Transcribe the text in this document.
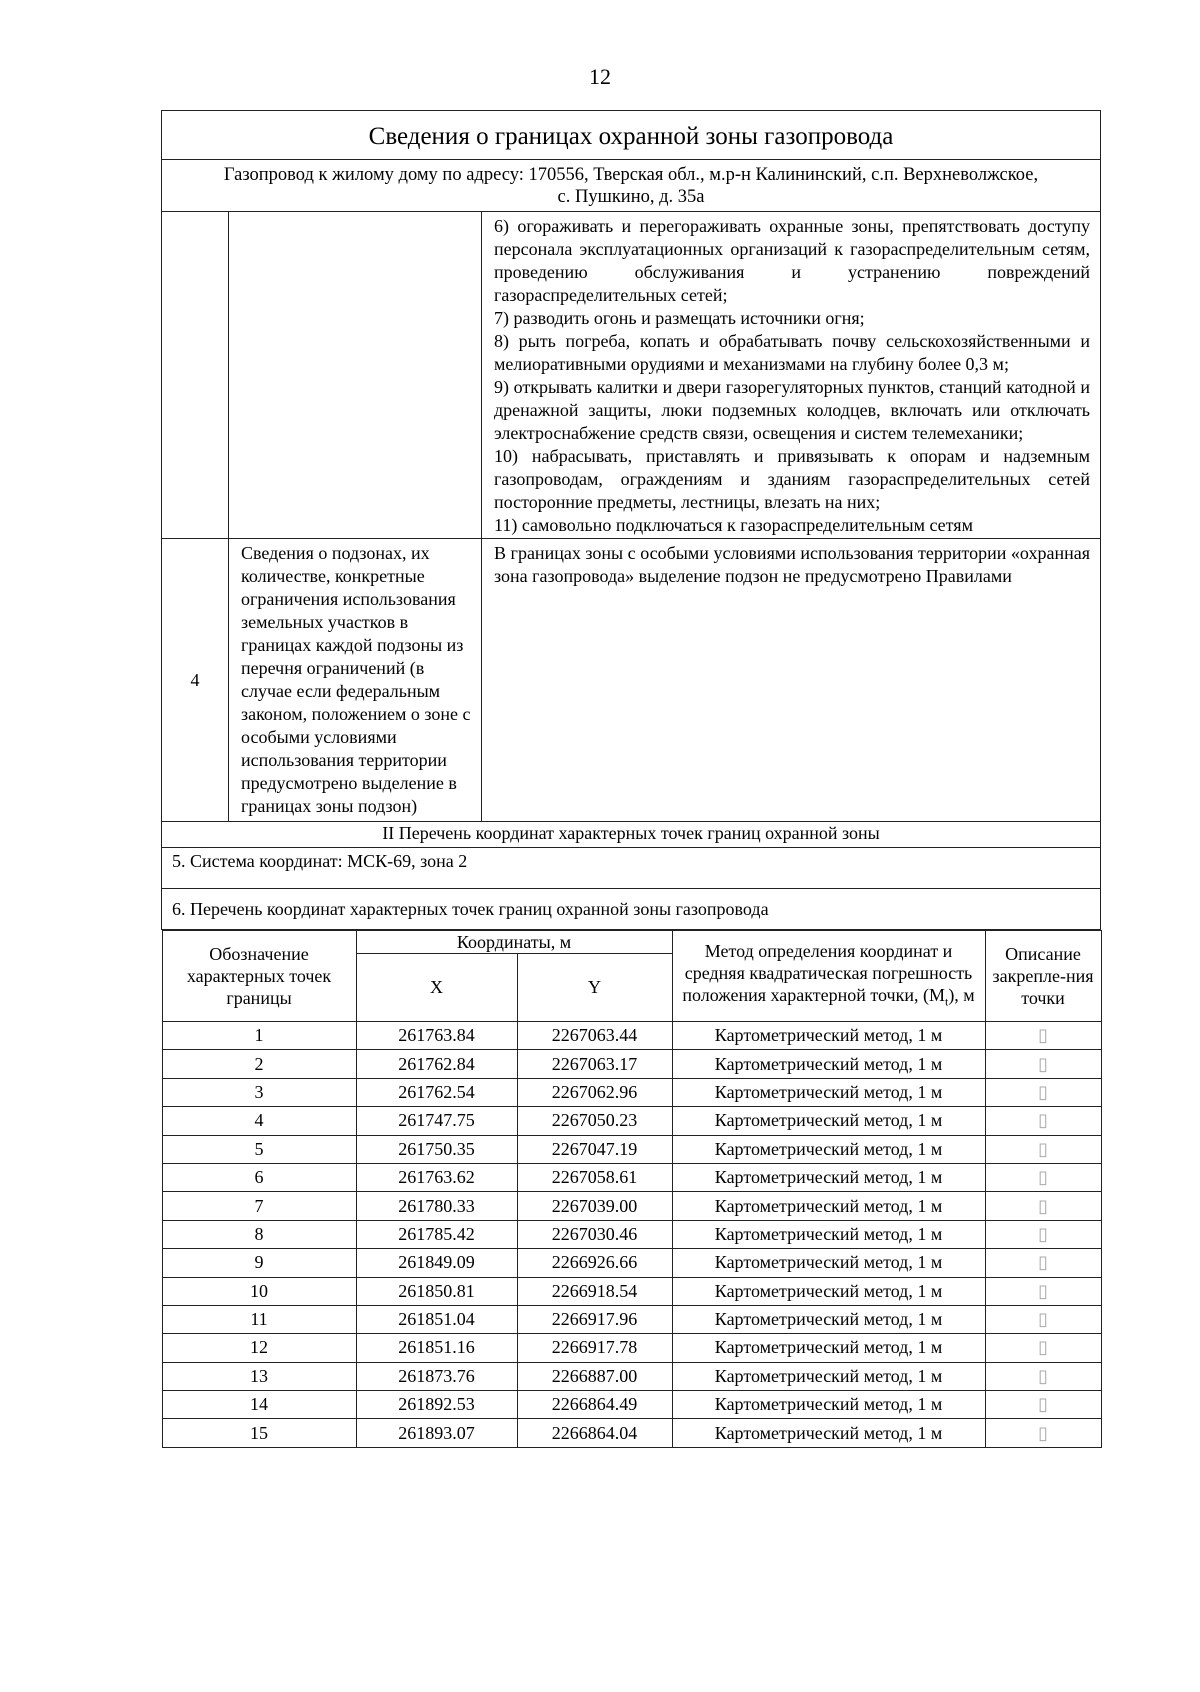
12
Сведения о границах охранной зоны газопровода

Газопровод к жилому дому по адресу: 170556, Тверская обл., м.р-н Калининский, с.п. Верхневолжское,
с. Пушкино, д. 35а

6) огораживать и перегораживать охранные зоны, препятствовать доступу персонала эксплуатационных организаций к газораспределительным сетям, проведению обслуживания и устранению повреждений газораспределительных сетей;
7) разводить огонь и размещать источники огня;
8) рыть погреба, копать и обрабатывать почву сельскохозяйственными и мелиоративными орудиями и механизмами на глубину более 0,3 м;
9) открывать калитки и двери газорегуляторных пунктов, станций катодной и дренажной защиты, люки подземных колодцев, включать или отключать электроснабжение средств связи, освещения и систем телемеханики;
10) набрасывать, приставлять и привязывать к опорам и надземным газопроводам, ограждениям и зданиям газораспределительных сетей посторонние предметы, лестницы, влезать на них;
11) самовольно подключаться к газораспределительным сетям

4	Сведения о подзонах, их количестве, конкретные ограничения использования земельных участков в границах каждой подзоны из перечня ограничений (в случае если федеральным законом, положением о зоне с особыми условиями использования территории предусмотрено выделение в границах зоны подзон)	В границах зоны с особыми условиями использования территории «охранная зона газопровода» выделение подзон не предусмотрено Правилами
II Перечень координат характерных точек границ охранной зоны
5. Система координат: МСК-69, зона 2
6. Перечень координат характерных точек границ охранной зоны газопровода

Обозначение характерных точек границы	Координаты, м	Метод определения координат и средняя квадратическая погрешность положения характерной точки, $(M_t)$, м	Описание закрепле-ния точки
X	Y
1	261763.84	2267063.44	Картометрический метод, 1 м	▯
2	261762.84	2267063.17	Картометрический метод, 1 м	▯
3	261762.54	2267062.96	Картометрический метод, 1 м	▯
4	261747.75	2267050.23	Картометрический метод, 1 м	▯
5	261750.35	2267047.19	Картометрический метод, 1 м	▯
6	261763.62	2267058.61	Картометрический метод, 1 м	▯
7	261780.33	2267039.00	Картометрический метод, 1 м	▯
8	261785.42	2267030.46	Картометрический метод, 1 м	▯
9	261849.09	2266926.66	Картометрический метод, 1 м	▯
10	261850.81	2266918.54	Картометрический метод, 1 м	▯
11	261851.04	2266917.96	Картометрический метод, 1 м	▯
12	261851.16	2266917.78	Картометрический метод, 1 м	▯
13	261873.76	2266887.00	Картометрический метод, 1 м	▯
14	261892.53	2266864.49	Картометрический метод, 1 м	▯
15	261893.07	2266864.04	Картометрический метод, 1 м	▯
